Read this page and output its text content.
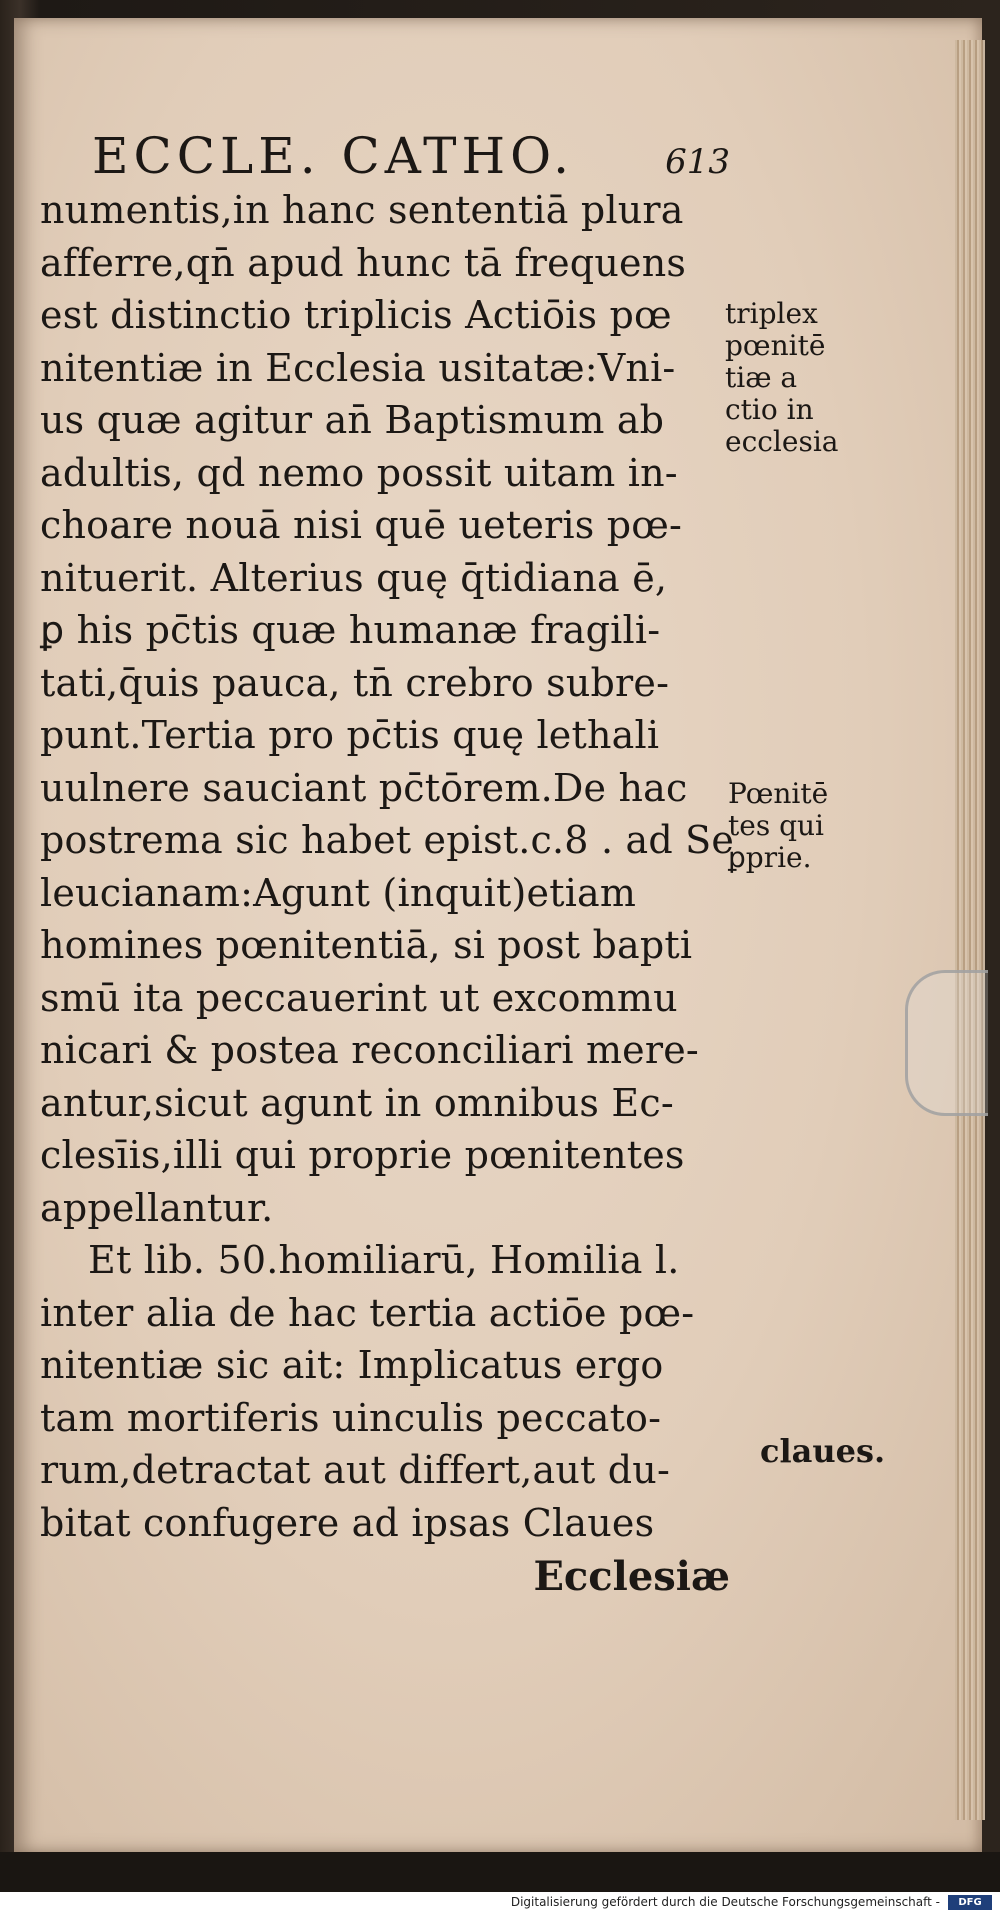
ECCLE. CATHO.	613
numentis,in hanc sententiā plura
afferre,qn̄ apud hunc tā frequens
est distinctio triplicis Actiōis pœ
nitentiæ in Ecclesia usitatæ:Vni-
us quæ agitur an̄ Baptismum ab
adultis, qd nemo possit uitam in-
choare nouā nisi quē ueteris pœ-
nituerit. Alterius quę q̄tidiana ē,
ꝑ his pc̄tis quæ humanæ fragili-
tati,q̄uis pauca, tn̄ crebro subre-
punt.Tertia pro pc̄tis quę lethali
uulnere sauciant pc̄tōrem.De hac
postrema sic habet epist.c.8 . ad Se
leucianam:Agunt (inquit)etiam
homines pœnitentiā, si post bapti
smū ita peccauerint ut excommu
nicari & postea reconciliari mere-
antur,sicut agunt in omnibus Ec-
clesīis,illi qui proprie pœnitentes
appellantur.
Et lib. 50.homiliarū, Homilia l.
inter alia de hac tertia actiōe pœ-
nitentiæ sic ait: Implicatus ergo
tam mortiferis uinculis peccato-
rum,detractat aut differt,aut du-
bitat confugere ad ipsas Claues
Ecclesiæ
triplex
pœnitē
tiæ a
ctio in
ecclesia
Pœnitē
tes qui
ꝑprie.
claues.
Digitalisierung gefördert durch die Deutsche Forschungsgemeinschaft -	DFG
